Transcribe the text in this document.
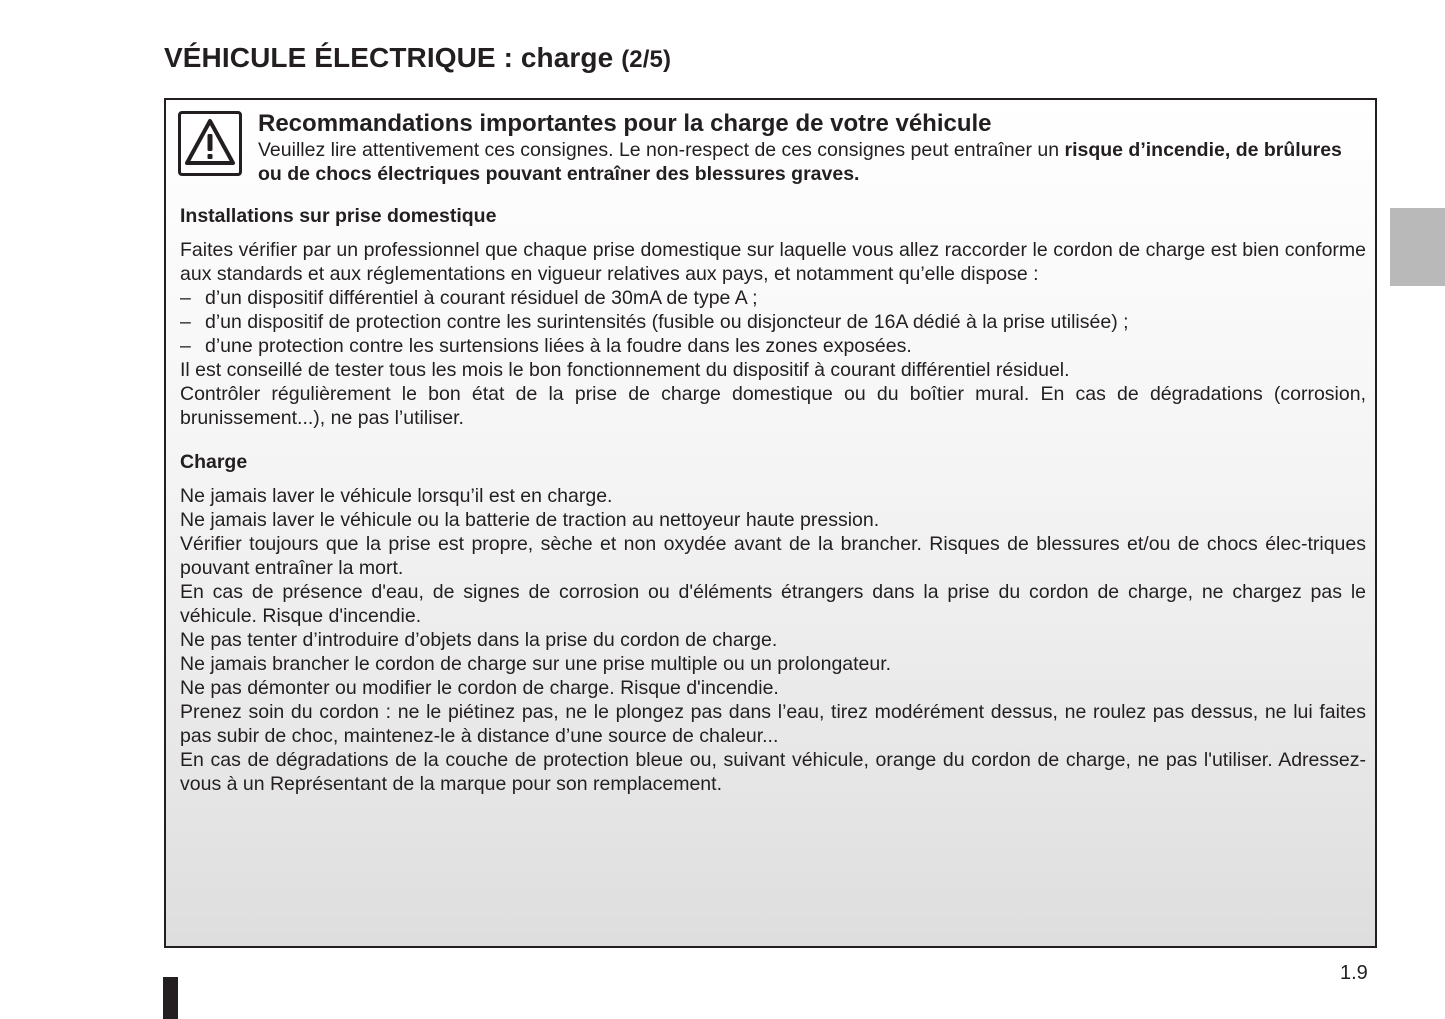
VÉHICULE ÉLECTRIQUE : charge (2/5)
Recommandations importantes pour la charge de votre véhicule

Veuillez lire attentivement ces consignes. Le non-respect de ces consignes peut entraîner un risque d’incendie, de brûlures ou de chocs électriques pouvant entraîner des blessures graves.

Installations sur prise domestique

Faites vérifier par un professionnel que chaque prise domestique sur laquelle vous allez raccorder le cordon de charge est bien conforme aux standards et aux réglementations en vigueur relatives aux pays, et notamment qu’elle dispose :

– d’un dispositif différentiel à courant résiduel de 30mA de type A ;
– d’un dispositif de protection contre les surintensités (fusible ou disjoncteur de 16A dédié à la prise utilisée) ;
– d’une protection contre les surtensions liées à la foudre dans les zones exposées.

Il est conseillé de tester tous les mois le bon fonctionnement du dispositif à courant différentiel résiduel.

Contrôler régulièrement le bon état de la prise de charge domestique ou du boîtier mural. En cas de dégradations (corrosion, brunissement...), ne pas l’utiliser.

Charge

Ne jamais laver le véhicule lorsqu’il est en charge.

Ne jamais laver le véhicule ou la batterie de traction au nettoyeur haute pression.

Vérifier toujours que la prise est propre, sèche et non oxydée avant de la brancher. Risques de blessures et/ou de chocs élec-triques pouvant entraîner la mort.

En cas de présence d'eau, de signes de corrosion ou d'éléments étrangers dans la prise du cordon de charge, ne chargez pas le véhicule. Risque d'incendie.

Ne pas tenter d’introduire d’objets dans la prise du cordon de charge.

Ne jamais brancher le cordon de charge sur une prise multiple ou un prolongateur.

Ne pas démonter ou modifier le cordon de charge. Risque d'incendie.

Prenez soin du cordon : ne le piétinez pas, ne le plongez pas dans l’eau, tirez modérément dessus, ne roulez pas dessus, ne lui faites pas subir de choc, maintenez-le à distance d’une source de chaleur...

En cas de dégradations de la couche de protection bleue ou, suivant véhicule, orange du cordon de charge, ne pas l'utiliser. Adressez-vous à un Représentant de la marque pour son remplacement.

1.9
